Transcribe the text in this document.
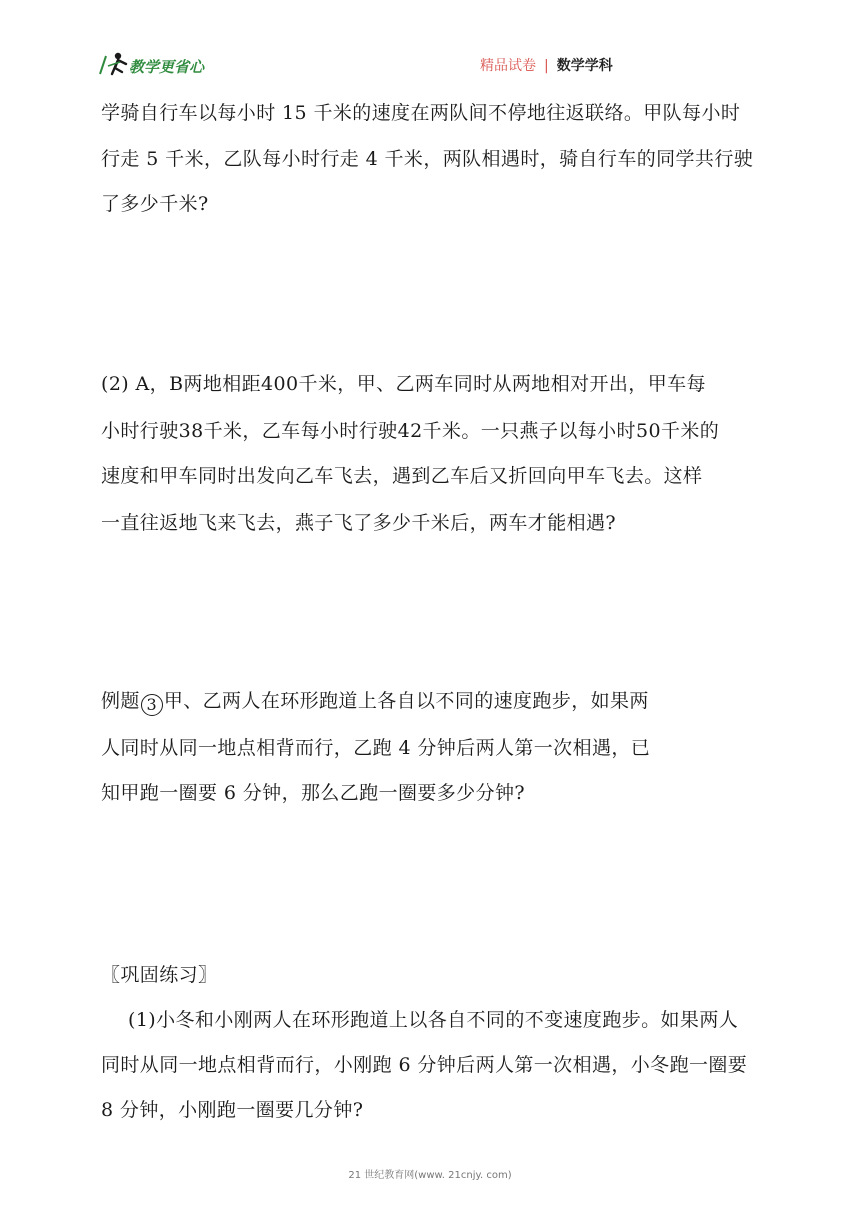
教学更省心	精品试卷 | 数学学科
学骑自行车以每小时 15 千米的速度在两队间不停地往返联络。甲队每小时
行走 5 千米，乙队每小时行走 4 千米，两队相遇时，骑自行车的同学共行驶
了多少千米?
(2) A，B两地相距400千米，甲、乙两车同时从两地相对开出，甲车每
小时行驶38千米，乙车每小时行驶42千米。一只燕子以每小时50千米的
速度和甲车同时出发向乙车飞去，遇到乙车后又折回向甲车飞去。这样
一直往返地飞来飞去，燕子飞了多少千米后，两车才能相遇?
例题 3 甲、乙两人在环形跑道上各自以不同的速度跑步，如果两
人同时从同一地点相背而行，乙跑 4 分钟后两人第一次相遇，已
知甲跑一圈要 6 分钟，那么乙跑一圈要多少分钟?
〖巩固练习〗
(1)小冬和小刚两人在环形跑道上以各自不同的不变速度跑步。如果两人
同时从同一地点相背而行，小刚跑 6 分钟后两人第一次相遇，小冬跑一圈要
8 分钟，小刚跑一圈要几分钟?
21 世纪教育网(www. 21cnjy. com)
